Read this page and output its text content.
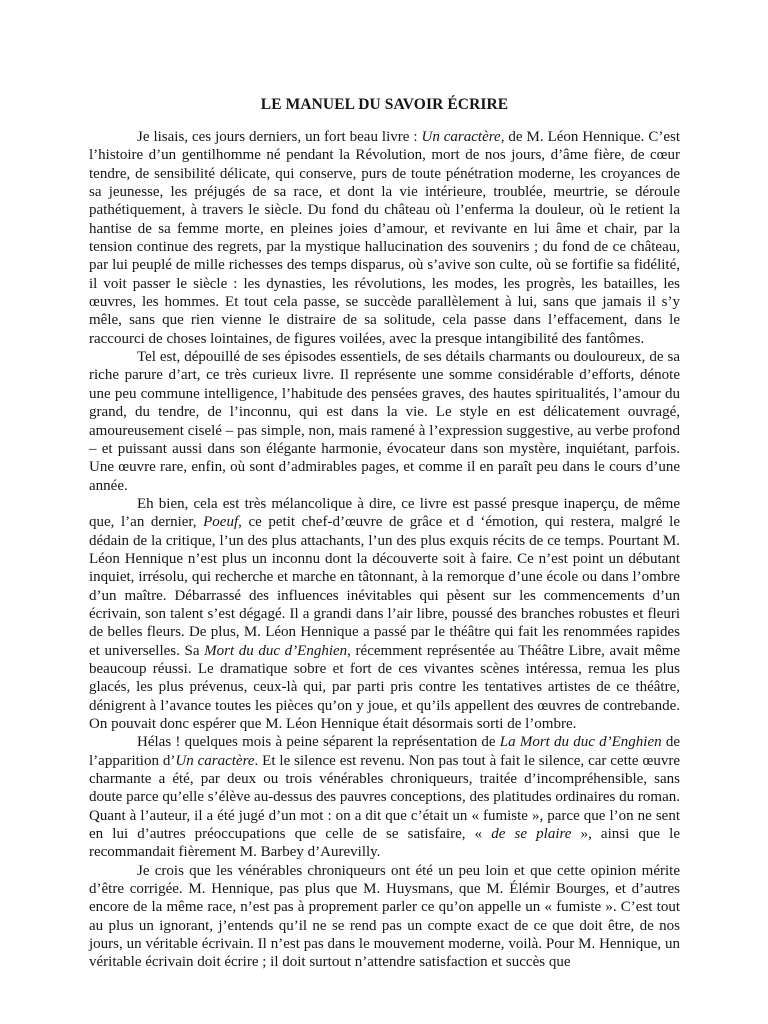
LE MANUEL DU SAVOIR ÉCRIRE

Je lisais, ces jours derniers, un fort beau livre : Un caractère, de M. Léon Hennique. C’est l’histoire d’un gentilhomme né pendant la Révolution, mort de nos jours, d’âme fière, de cœur tendre, de sensibilité délicate, qui conserve, purs de toute pénétration moderne, les croyances de sa jeunesse, les préjugés de sa race, et dont la vie intérieure, troublée, meurtrie, se déroule pathétiquement, à travers le siècle. Du fond du château où l’enferma la douleur, où le retient la hantise de sa femme morte, en pleines joies d’amour, et revivante en lui âme et chair, par la tension continue des regrets, par la mystique hallucination des souvenirs ; du fond de ce château, par lui peuplé de mille richesses des temps disparus, où s’avive son culte, où se fortifie sa fidélité, il voit passer le siècle : les dynasties, les révolutions, les modes, les progrès, les batailles, les œuvres, les hommes. Et tout cela passe, se succède parallèlement à lui, sans que jamais il s’y mêle, sans que rien vienne le distraire de sa solitude, cela passe dans l’effacement, dans le raccourci de choses lointaines, de figures voilées, avec la presque intangibilité des fantômes.

Tel est, dépouillé de ses épisodes essentiels, de ses détails charmants ou douloureux, de sa riche parure d’art, ce très curieux livre. Il représente une somme considérable d’efforts, dénote une peu commune intelligence, l’habitude des pensées graves, des hautes spiritualités, l’amour du grand, du tendre, de l’inconnu, qui est dans la vie. Le style en est délicatement ouvragé, amoureusement ciselé – pas simple, non, mais ramené à l’expression suggestive, au verbe profond – et puissant aussi dans son élégante harmonie, évocateur dans son mystère, inquiétant, parfois. Une œuvre rare, enfin, où sont d’admirables pages, et comme il en paraît peu dans le cours d’une année.

Eh bien, cela est très mélancolique à dire, ce livre est passé presque inaperçu, de même que, l’an dernier, Poeuf, ce petit chef-d’œuvre de grâce et d ‘émotion, qui restera, malgré le dédain de la critique, l’un des plus attachants, l’un des plus exquis récits de ce temps. Pourtant M. Léon Hennique n’est plus un inconnu dont la découverte soit à faire. Ce n’est point un débutant inquiet, irrésolu, qui recherche et marche en tâtonnant, à la remorque d’une école ou dans l’ombre d’un maître. Débarrassé des influences inévitables qui pèsent sur les commencements d’un écrivain, son talent s’est dégagé. Il a grandi dans l’air libre, poussé des branches robustes et fleuri de belles fleurs. De plus, M. Léon Hennique a passé par le théâtre qui fait les renommées rapides et universelles. Sa Mort du duc d’Enghien, récemment représentée au Théâtre Libre, avait même beaucoup réussi. Le dramatique sobre et fort de ces vivantes scènes intéressa, remua les plus glacés, les plus prévenus, ceux-là qui, par parti pris contre les tentatives artistes de ce théâtre, dénigrent à l’avance toutes les pièces qu’on y joue, et qu’ils appellent des œuvres de contrebande. On pouvait donc espérer que M. Léon Hennique était désormais sorti de l’ombre.

Hélas ! quelques mois à peine séparent la représentation de La Mort du duc d’Enghien de l’apparition d’Un caractère. Et le silence est revenu. Non pas tout à fait le silence, car cette œuvre charmante a été, par deux ou trois vénérables chroniqueurs, traitée d’incompréhensible, sans doute parce qu’elle s’élève au-dessus des pauvres conceptions, des platitudes ordinaires du roman. Quant à l’auteur, il a été jugé d’un mot : on a dit que c’était un « fumiste », parce que l’on ne sent en lui d’autres préoccupations que celle de se satisfaire, « de se plaire », ainsi que le recommandait fièrement M. Barbey d’Aurevilly.

Je crois que les vénérables chroniqueurs ont été un peu loin et que cette opinion mérite d’être corrigée. M. Hennique, pas plus que M. Huysmans, que M. Élémir Bourges, et d’autres encore de la même race, n’est pas à proprement parler ce qu’on appelle un « fumiste ». C’est tout au plus un ignorant, j’entends qu’il ne se rend pas un compte exact de ce que doit être, de nos jours, un véritable écrivain. Il n’est pas dans le mouvement moderne, voilà. Pour M. Hennique, un véritable écrivain doit écrire ; il doit surtout n’attendre satisfaction et succès que
